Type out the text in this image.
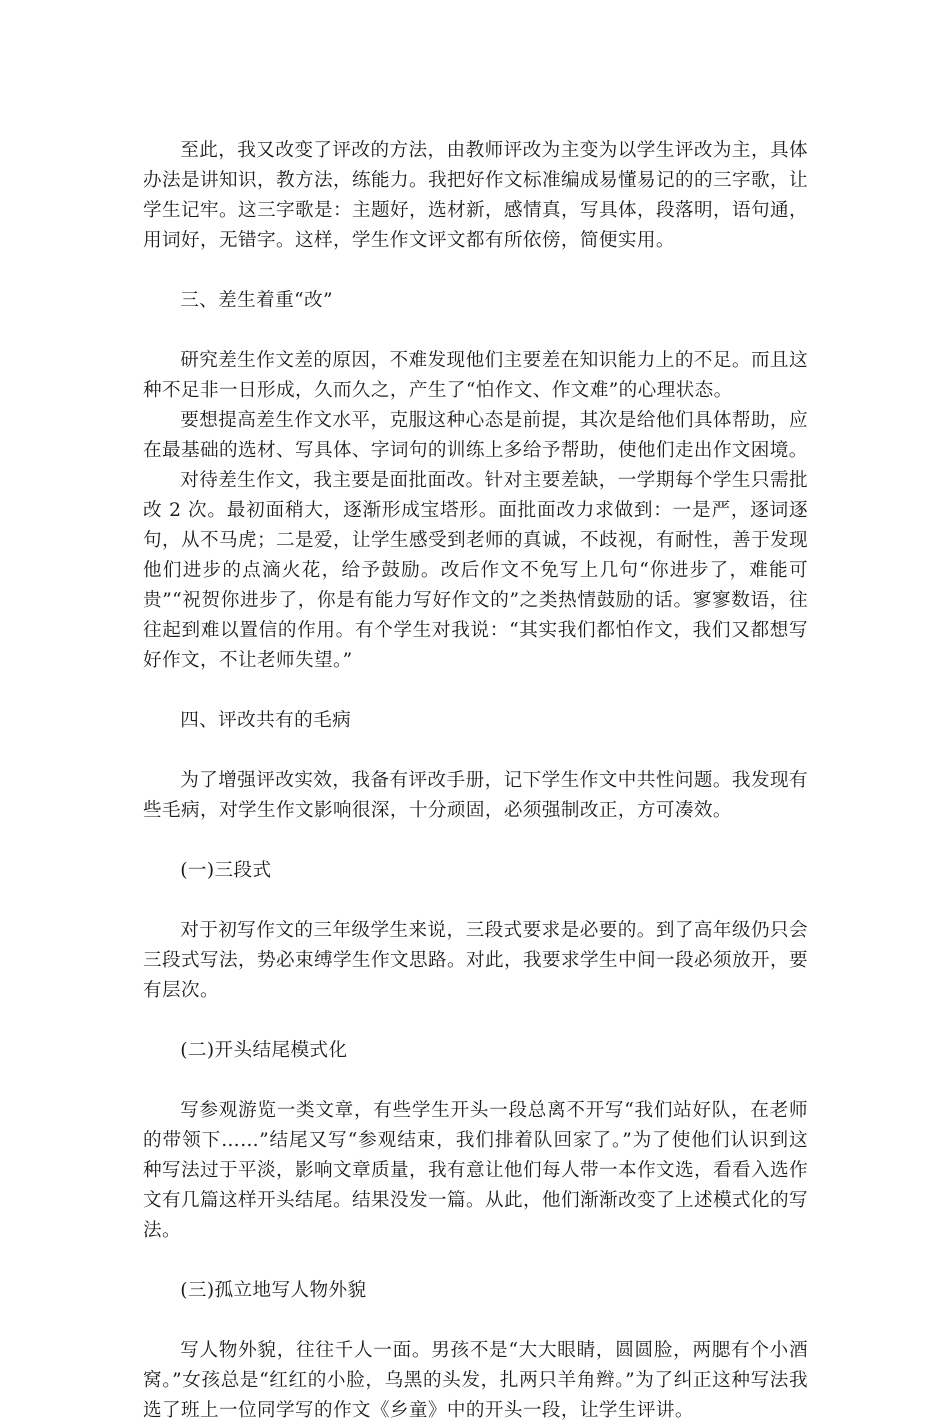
至此，我又改变了评改的方法，由教师评改为主变为以学生评改为主，具体办法是讲知识，教方法，练能力。我把好作文标准编成易懂易记的的三字歌，让学生记牢。这三字歌是：主题好，选材新，感情真，写具体，段落明，语句通，用词好，无错字。这样，学生作文评文都有所依傍，简便实用。

三、差生着重“改”

研究差生作文差的原因，不难发现他们主要差在知识能力上的不足。而且这种不足非一日形成，久而久之，产生了“怕作文、作文难”的心理状态。

要想提高差生作文水平，克服这种心态是前提，其次是给他们具体帮助，应在最基础的选材、写具体、字词句的训练上多给予帮助，使他们走出作文困境。

对待差生作文，我主要是面批面改。针对主要差缺，一学期每个学生只需批改 2 次。最初面稍大，逐渐形成宝塔形。面批面改力求做到：一是严，逐词逐句，从不马虎；二是爱，让学生感受到老师的真诚，不歧视，有耐性，善于发现他们进步的点滴火花，给予鼓励。改后作文不免写上几句“你进步了，难能可贵”“祝贺你进步了，你是有能力写好作文的”之类热情鼓励的话。寥寥数语，往往起到难以置信的作用。有个学生对我说：“其实我们都怕作文，我们又都想写好作文，不让老师失望。”

四、评改共有的毛病

为了增强评改实效，我备有评改手册，记下学生作文中共性问题。我发现有些毛病，对学生作文影响很深，十分顽固，必须强制改正，方可凑效。

(一)三段式

对于初写作文的三年级学生来说，三段式要求是必要的。到了高年级仍只会三段式写法，势必束缚学生作文思路。对此，我要求学生中间一段必须放开，要有层次。

(二)开头结尾模式化

写参观游览一类文章，有些学生开头一段总离不开写“我们站好队，在老师的带领下……”结尾又写“参观结束，我们排着队回家了。”为了使他们认识到这种写法过于平淡，影响文章质量，我有意让他们每人带一本作文选，看看入选作文有几篇这样开头结尾。结果没发一篇。从此，他们渐渐改变了上述模式化的写法。

(三)孤立地写人物外貌

写人物外貌，往往千人一面。男孩不是“大大眼睛，圆圆脸，两腮有个小酒窝。”女孩总是“红红的小脸，乌黑的头发，扎两只羊角辫。”为了纠正这种写法我选了班上一位同学写的作文《乡童》中的开头一段，让学生评讲。
